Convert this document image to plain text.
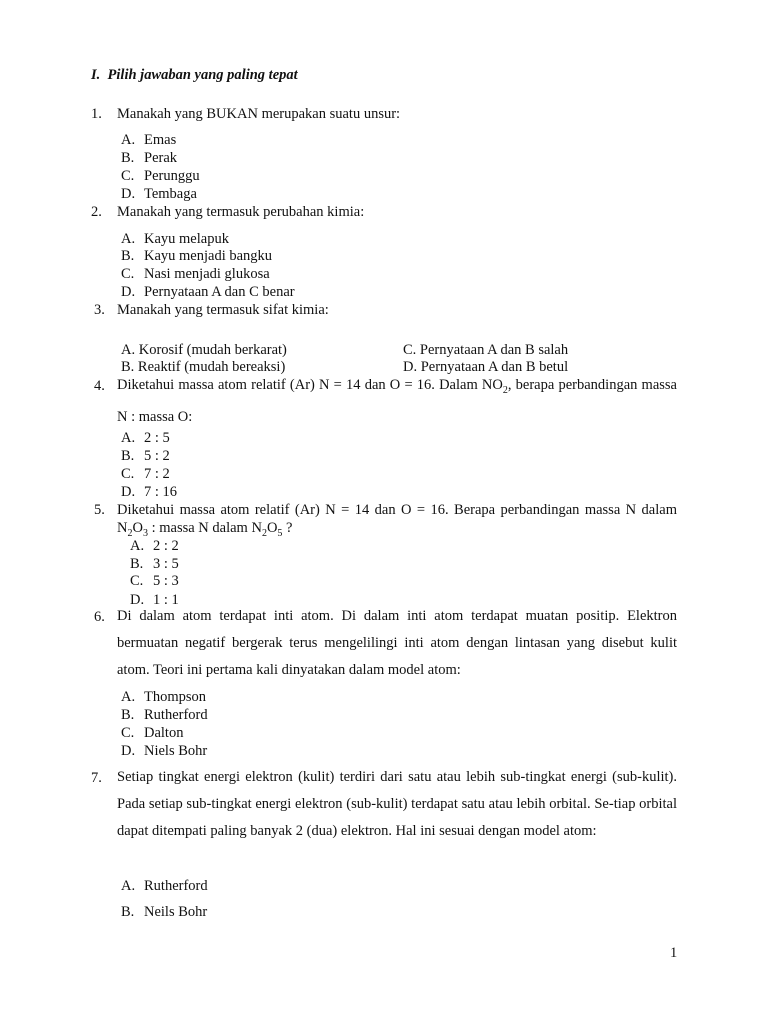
I. Pilih jawaban yang paling tepat
1. Manakah yang BUKAN merupakan suatu unsur:
A. Emas
B. Perak
C. Perunggu
D. Tembaga
2. Manakah yang termasuk perubahan kimia:
A. Kayu melapuk
B. Kayu menjadi bangku
C. Nasi menjadi glukosa
D. Pernyataan A dan C benar
3. Manakah yang termasuk sifat kimia:
A. Korosif (mudah berkarat)
B. Reaktif (mudah bereaksi)
C. Pernyataan A dan B salah
D. Pernyataan A dan B betul
4. Diketahui massa atom relatif (Ar) N = 14 dan O = 16. Dalam $NO_2$, berapa perbandingan massa N : massa O:
A. 2 : 5
B. 5 : 2
C. 7 : 2
D. 7 : 16
5. Diketahui massa atom relatif (Ar) N = 14 dan O = 16. Berapa perbandingan massa N dalam $N_2O_3$ : massa N dalam $N_2O_5$ ?
A. 2 : 2
B. 3 : 5
C. 5 : 3
D. 1 : 1
6. Di dalam atom terdapat inti atom. Di dalam inti atom terdapat muatan positip. Elektron bermuatan negatif bergerak terus mengelilingi inti atom dengan lintasan yang disebut kulit atom. Teori ini pertama kali dinyatakan dalam model atom:
A. Thompson
B. Rutherford
C. Dalton
D. Niels Bohr
7. Setiap tingkat energi elektron (kulit) terdiri dari satu atau lebih sub-tingkat energi (sub-kulit). Pada setiap sub-tingkat energi elektron (sub-kulit) terdapat satu atau lebih orbital. Se-tiap orbital dapat ditempati paling banyak 2 (dua) elektron. Hal ini sesuai dengan model atom:
A. Rutherford
B. Neils Bohr
1
